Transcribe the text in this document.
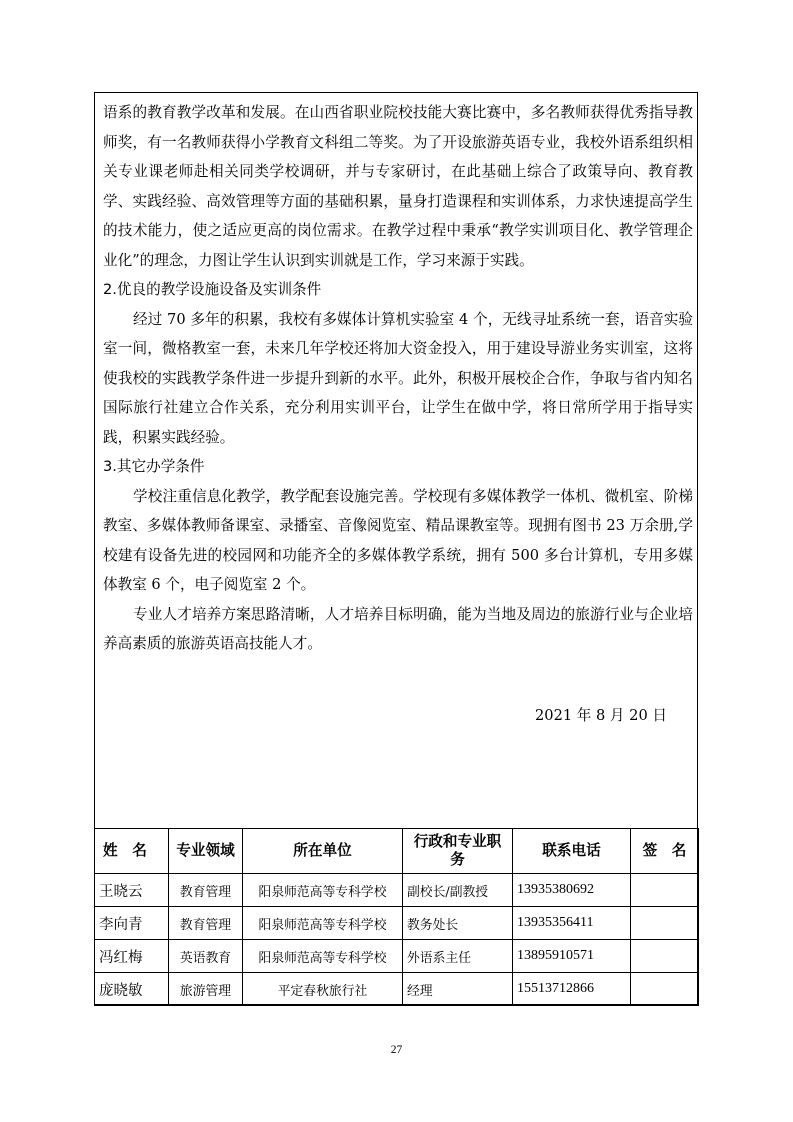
语系的教育教学改革和发展。在山西省职业院校技能大赛比赛中，多名教师获得优秀指导教师奖，有一名教师获得小学教育文科组二等奖。为了开设旅游英语专业，我校外语系组织相关专业课老师赴相关同类学校调研，并与专家研讨，在此基础上综合了政策导向、教育教学、实践经验、高效管理等方面的基础积累，量身打造课程和实训体系，力求快速提高学生的技术能力，使之适应更高的岗位需求。在教学过程中秉承“教学实训项目化、教学管理企业化”的理念，力图让学生认识到实训就是工作，学习来源于实践。

2.优良的教学设施设备及实训条件

经过 70 多年的积累，我校有多媒体计算机实验室 4 个，无线寻址系统一套，语音实验室一间，微格教室一套，未来几年学校还将加大资金投入，用于建设导游业务实训室，这将使我校的实践教学条件进一步提升到新的水平。此外，积极开展校企合作，争取与省内知名国际旅行社建立合作关系，充分利用实训平台，让学生在做中学，将日常所学用于指导实践，积累实践经验。

3.其它办学条件

学校注重信息化教学，教学配套设施完善。学校现有多媒体教学一体机、微机室、阶梯教室、多媒体教师备课室、录播室、音像阅览室、精品课教室等。现拥有图书 23 万余册,学校建有设备先进的校园网和功能齐全的多媒体教学系统，拥有 500 多台计算机，专用多媒体教室 6 个，电子阅览室 2 个。

专业人才培养方案思路清晰，人才培养目标明确，能为当地及周边的旅游行业与企业培养高素质的旅游英语高技能人才。

2021 年 8 月 20 日
姓　名	专业领域	所在单位	行政和专业职务	联系电话	签　名
王晓云	教育管理	阳泉师范高等专科学校	副校长/副教授	13935380692	
李向青	教育管理	阳泉师范高等专科学校	教务处长	13935356411	
冯红梅	英语教育	阳泉师范高等专科学校	外语系主任	13895910571	
庞晓敏	旅游管理	平定春秋旅行社	经理	15513712866	
27
